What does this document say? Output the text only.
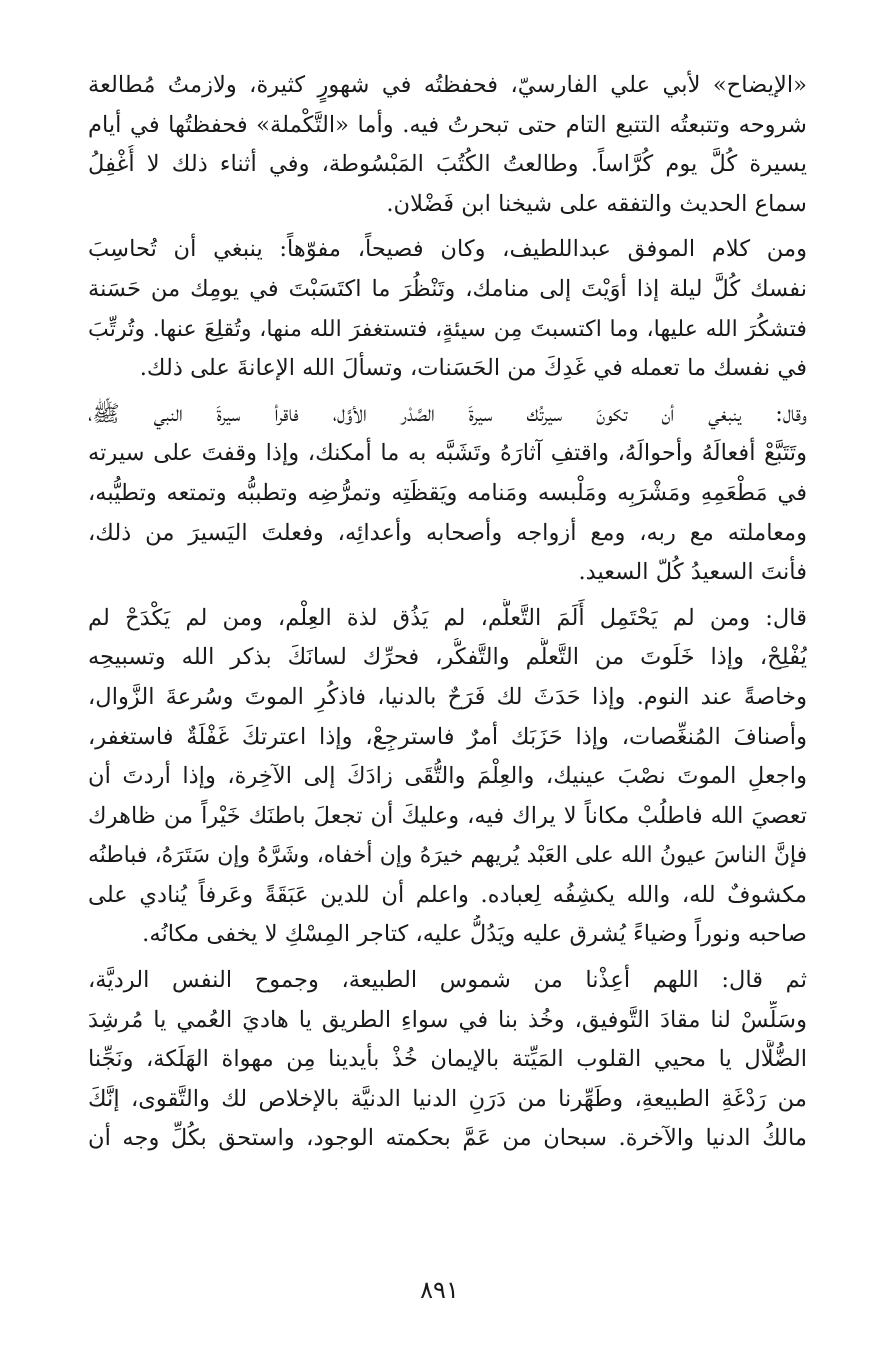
«الإيضاح» لأبي علي الفارسيّ، فحفظتُه في شهورٍ كثيرة، ولازمتُ مُطالعة
شروحه وتتبعتُه التتبع التام حتى تبحرتُ فيه. وأما «التَّكْملة» فحفظتُها في أيام
يسيرة كُلَّ يوم كُرَّاساً. وطالعتُ الكُتُبَ المَبْسُوطة، وفي أثناء ذلك لا أُغْفِلُ
سماع الحديث والتفقه على شيخنا ابن فَضْلان.

ومن كلام الموفق عبداللطيف، وكان فصيحاً، مفوّهاً: ينبغي أن تُحاسِبَ
نفسك كُلَّ ليلة إذا أوَيْتَ إلى منامك، وتَنْظُرَ ما اكتَسَبْتَ في يومِك من حَسَنة
فتشكُرَ الله عليها، وما اكتسبتَ مِن سيئةٍ، فتستغفرَ الله منها، وتُقلِعَ عنها. وتُرتِّبَ
في نفسك ما تعمله في غَدِكَ من الحَسَنات، وتسألَ الله الإعانةَ على ذلك.

وقال: ينبغي أن تكونَ سيرتُك سيرةَ الصَّدْر الأوَّل، فاقرأ سيرةَ النبي ﷺ،
وتَتَبَّعْ أفعالَهُ وأحوالَهُ، واقتفِ آثارَهُ وتَشَبَّه به ما أمكنك، وإذا وقفتَ على سيرته
في مَطْعَمِهِ ومَشْرَبِه ومَلْبسه ومَنامه ويَقظَتِه وتمرُّضِه وتطببُّه وتمتعه وتطيُّبه،
ومعاملته مع ربه، ومع أزواجه وأصحابه وأعدائِه، وفعلتَ اليَسيرَ من ذلك،
فأنتَ السعيدُ كُلّ السعيد.

قال: ومن لم يَحْتَمِل أَلَمَ التَّعلُّم، لم يَذُق لذة العِلْم، ومن لم يَكْدَحْ لم
يُفْلِحْ، وإذا خَلَوتَ من التَّعلُّم والتَّفكُّر، فحرِّك لسانَكَ بذكر الله وتسبيحِه
وخاصةً عند النوم. وإذا حَدَثَ لك فَرَحٌ بالدنيا، فاذكُرِ الموتَ وسُرعةَ الزَّوال،
وأصنافَ المُنغِّصات، وإذا حَزَبَك أمرٌ فاسترجِعْ، وإذا اعترتكَ غَفْلَةٌ فاستغفر،
واجعلِ الموتَ نصْبَ عينيك، والعِلْمَ والتُّقَى زادَكَ إلى الآخِرة، وإذا أردتَ أن
تعصيَ الله فاطلُبْ مكاناً لا يراك فيه، وعليكَ أن تجعلَ باطنَك خَيْراً من ظاهرك
فإنَّ الناسَ عيونُ الله على العَبْد يُريهم خيرَهُ وإن أخفاه، وشَرَّهُ وإن سَتَرَهُ، فباطنُه
مكشوفٌ لله، والله يكشِفُه لِعباده. واعلم أن للدين عَبَقَةً وعَرفاً يُنادي على
صاحبه ونوراً وضياءً يُشرق عليه ويَدُلُّ عليه، كتاجر المِسْكِ لا يخفى مكانُه.

ثم قال: اللهم أعِذْنا من شموس الطبيعة، وجموح النفس الرديَّة،
وسَلِّسْ لنا مقادَ التَّوفيق، وخُذ بنا في سواءِ الطريق يا هاديَ العُمي يا مُرشِدَ
الضُّلَّال يا محيي القلوب المَيِّتة بالإيمان خُذْ بأيدينا مِن مهواة الهَلَكة، ونَجِّنا
من رَدْغَةِ الطبيعةِ، وطَهِّرنا من دَرَنِ الدنيا الدنيَّة بالإخلاص لك والتَّقوى، إنَّكَ
مالكُ الدنيا والآخرة. سبحان من عَمَّ بحكمته الوجود، واستحق بكُلِّ وجه أن

٨٩١
